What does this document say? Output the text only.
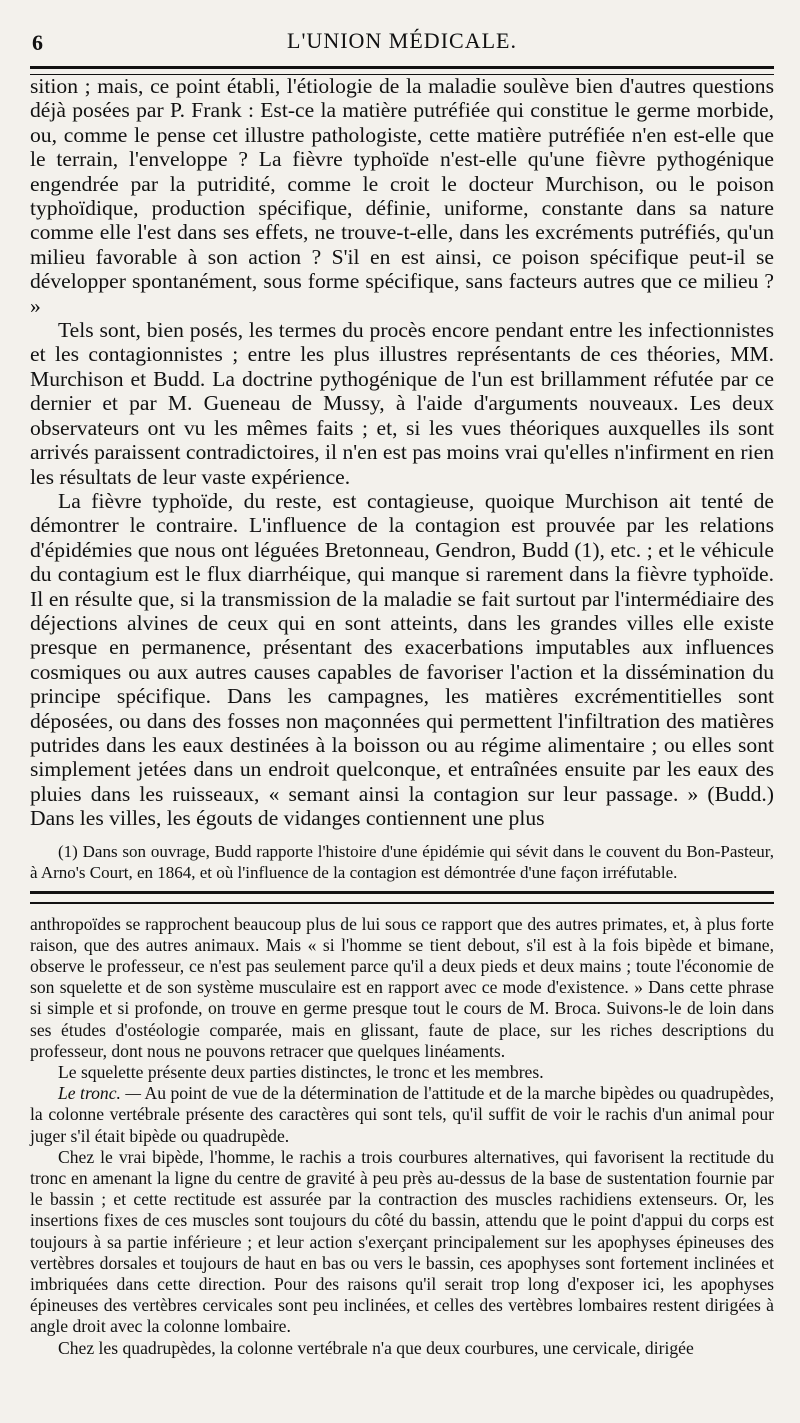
6	L'UNION MÉDICALE.

sition ; mais, ce point établi, l'étiologie de la maladie soulève bien d'autres questions déjà posées par P. Frank : Est-ce la matière putréfiée qui constitue le germe morbide, ou, comme le pense cet illustre pathologiste, cette matière putréfiée n'en est-elle que le terrain, l'enveloppe ? La fièvre typhoïde n'est-elle qu'une fièvre pythogénique engendrée par la putridité, comme le croit le docteur Murchison, ou le poison typhoïdique, production spécifique, définie, uniforme, constante dans sa nature comme elle l'est dans ses effets, ne trouve-t-elle, dans les excréments putréfiés, qu'un milieu favorable à son action ? S'il en est ainsi, ce poison spécifique peut-il se développer spontanément, sous forme spécifique, sans facteurs autres que ce milieu ? »

Tels sont, bien posés, les termes du procès encore pendant entre les infectionnistes et les contagionnistes ; entre les plus illustres représentants de ces théories, MM. Murchison et Budd. La doctrine pythogénique de l'un est brillamment réfutée par ce dernier et par M. Gueneau de Mussy, à l'aide d'arguments nouveaux. Les deux observateurs ont vu les mêmes faits ; et, si les vues théoriques auxquelles ils sont arrivés paraissent contradictoires, il n'en est pas moins vrai qu'elles n'infirment en rien les résultats de leur vaste expérience.

La fièvre typhoïde, du reste, est contagieuse, quoique Murchison ait tenté de démontrer le contraire. L'influence de la contagion est prouvée par les relations d'épidémies que nous ont léguées Bretonneau, Gendron, Budd (1), etc. ; et le véhicule du contagium est le flux diarrhéique, qui manque si rarement dans la fièvre typhoïde. Il en résulte que, si la transmission de la maladie se fait surtout par l'intermédiaire des déjections alvines de ceux qui en sont atteints, dans les grandes villes elle existe presque en permanence, présentant des exacerbations imputables aux influences cosmiques ou aux autres causes capables de favoriser l'action et la dissémination du principe spécifique. Dans les campagnes, les matières excrémentitielles sont déposées, ou dans des fosses non maçonnées qui permettent l'infiltration des matières putrides dans les eaux destinées à la boisson ou au régime alimentaire ; ou elles sont simplement jetées dans un endroit quelconque, et entraînées ensuite par les eaux des pluies dans les ruisseaux, « semant ainsi la contagion sur leur passage. » (Budd.) Dans les villes, les égouts de vidanges contiennent une plus

(1) Dans son ouvrage, Budd rapporte l'histoire d'une épidémie qui sévit dans le couvent du Bon-Pasteur, à Arno's Court, en 1864, et où l'influence de la contagion est démontrée d'une façon irréfutable.

anthropoïdes se rapprochent beaucoup plus de lui sous ce rapport que des autres primates, et, à plus forte raison, que des autres animaux. Mais « si l'homme se tient debout, s'il est à la fois bipède et bimane, observe le professeur, ce n'est pas seulement parce qu'il a deux pieds et deux mains ; toute l'économie de son squelette et de son système musculaire est en rapport avec ce mode d'existence. » Dans cette phrase si simple et si profonde, on trouve en germe presque tout le cours de M. Broca. Suivons-le de loin dans ses études d'ostéologie comparée, mais en glissant, faute de place, sur les riches descriptions du professeur, dont nous ne pouvons retracer que quelques linéaments.

Le squelette présente deux parties distinctes, le tronc et les membres.

Le tronc. — Au point de vue de la détermination de l'attitude et de la marche bipèdes ou quadrupèdes, la colonne vertébrale présente des caractères qui sont tels, qu'il suffit de voir le rachis d'un animal pour juger s'il était bipède ou quadrupède.

Chez le vrai bipède, l'homme, le rachis a trois courbures alternatives, qui favorisent la rectitude du tronc en amenant la ligne du centre de gravité à peu près au-dessus de la base de sustentation fournie par le bassin ; et cette rectitude est assurée par la contraction des muscles rachidiens extenseurs. Or, les insertions fixes de ces muscles sont toujours du côté du bassin, attendu que le point d'appui du corps est toujours à sa partie inférieure ; et leur action s'exerçant principalement sur les apophyses épineuses des vertèbres dorsales et toujours de haut en bas ou vers le bassin, ces apophyses sont fortement inclinées et imbriquées dans cette direction. Pour des raisons qu'il serait trop long d'exposer ici, les apophyses épineuses des vertèbres cervicales sont peu inclinées, et celles des vertèbres lombaires restent dirigées à angle droit avec la colonne lombaire.

Chez les quadrupèdes, la colonne vertébrale n'a que deux courbures, une cervicale, dirigée
